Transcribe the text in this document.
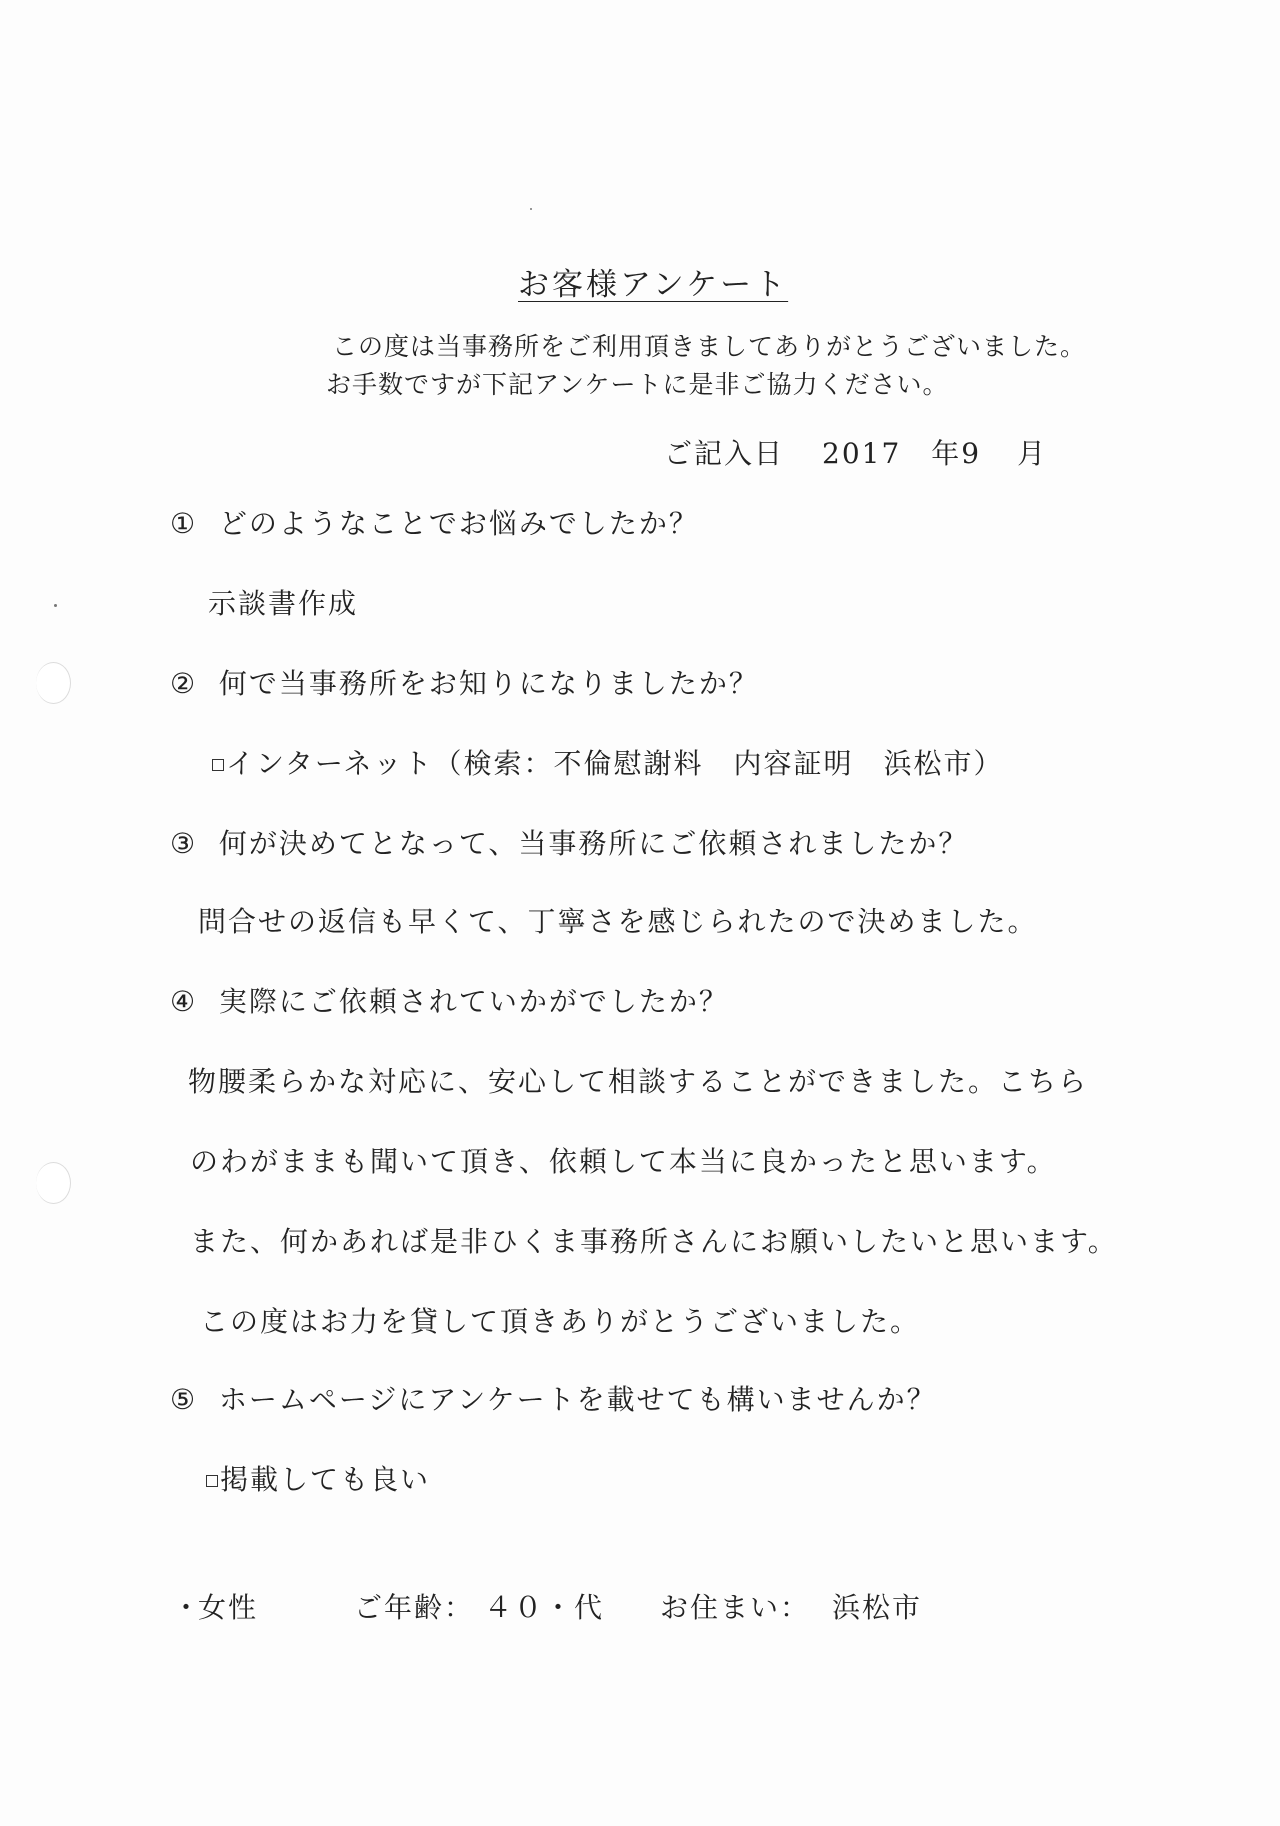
お客様アンケート
この度は当事務所をご利用頂きましてありがとうございました。
お手数ですが下記アンケートに是非ご協力ください。
ご記入日 2017 年9 月
① どのようなことでお悩みでしたか？
示談書作成
② 何で当事務所をお知りになりましたか？
インターネット（検索：不倫慰謝料　内容証明　浜松市）
③ 何が決めてとなって、当事務所にご依頼されましたか？
問合せの返信も早くて、丁寧さを感じられたので決めました。
④ 実際にご依頼されていかがでしたか？
物腰柔らかな対応に、安心して相談することができました。こちら
のわがままも聞いて頂き、依頼して本当に良かったと思います。
また、何かあれば是非ひくま事務所さんにお願いしたいと思います。
この度はお力を貸して頂きありがとうございました。
⑤ ホームページにアンケートを載せても構いませんか？
掲載しても良い
・
女性	ご年齢： ４０・代 お住まい： 浜松市
